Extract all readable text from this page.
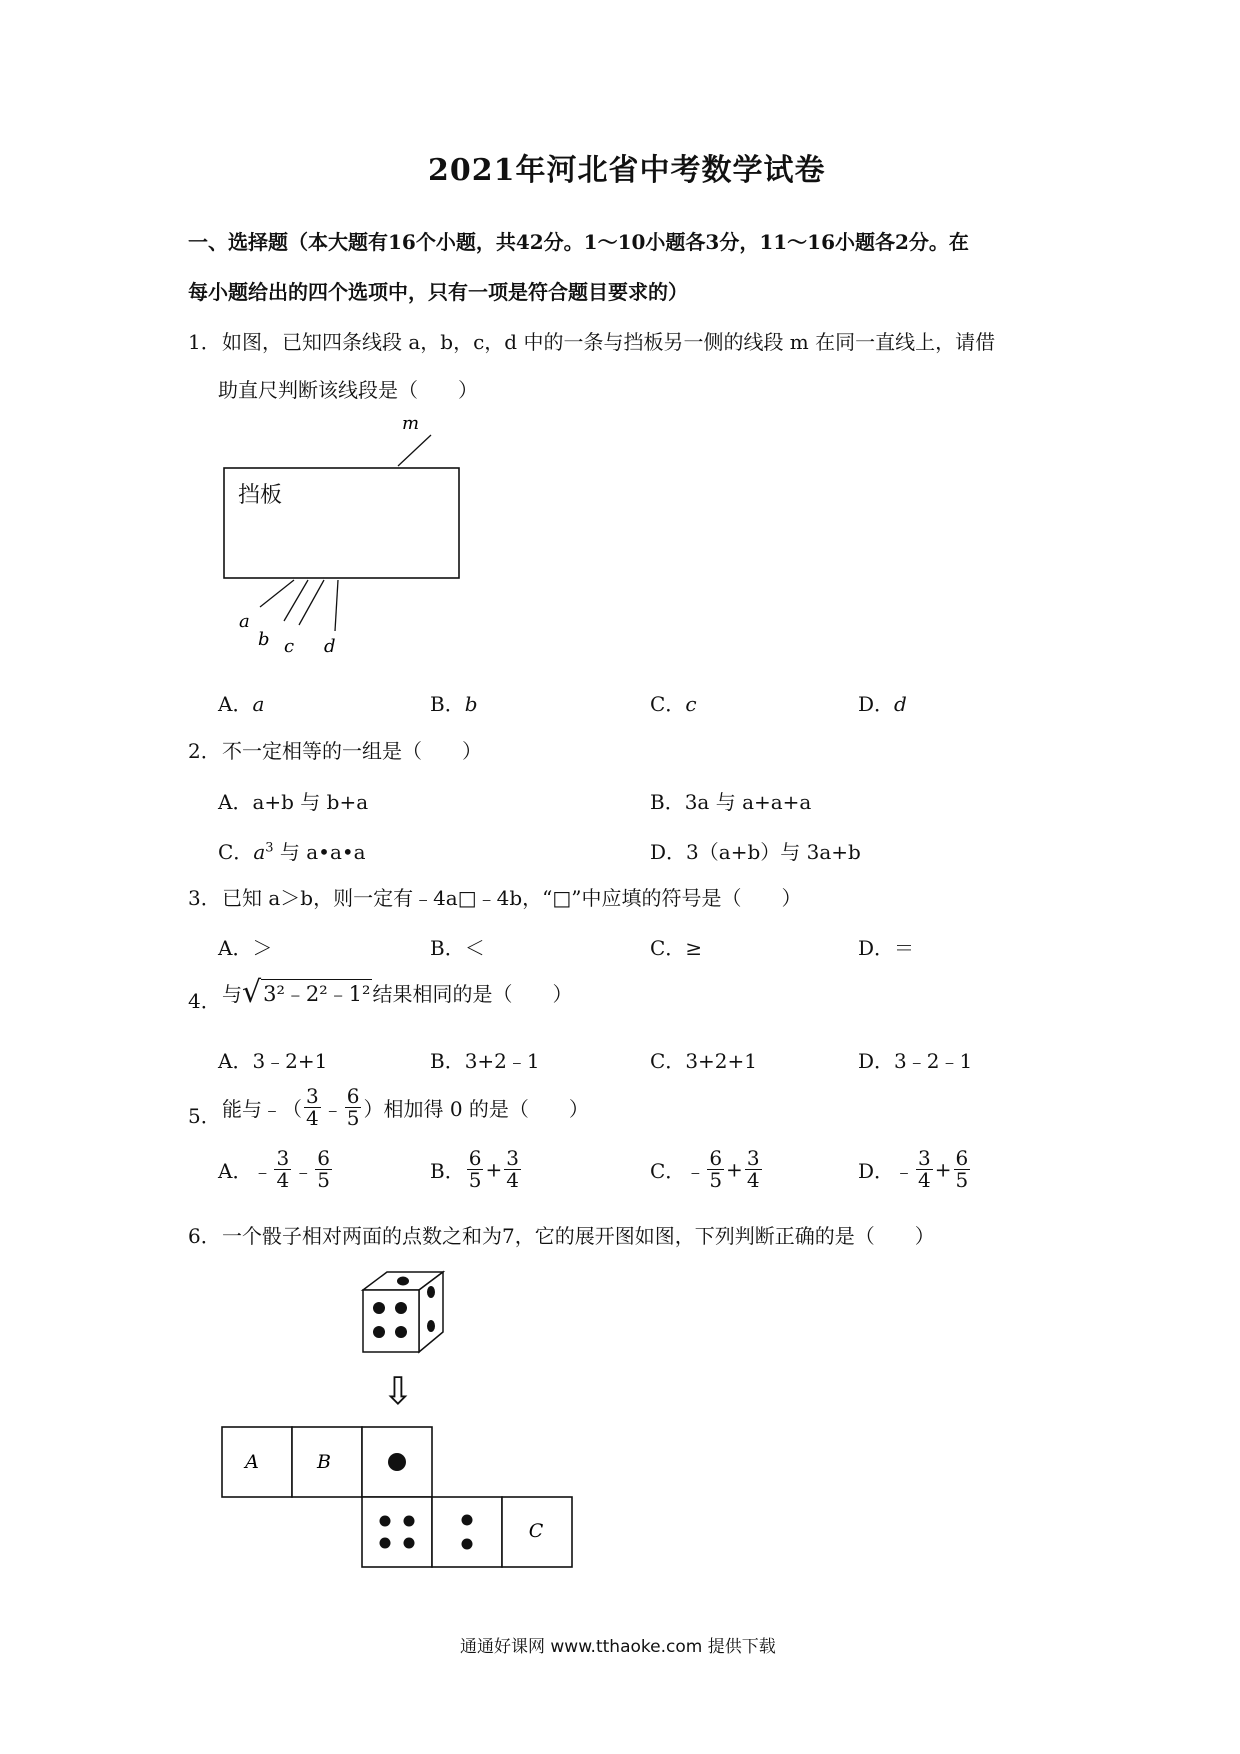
2021年河北省中考数学试卷
一、选择题（本大题有16个小题，共42分。1～10小题各3分，11～16小题各2分。在
每小题给出的四个选项中，只有一项是符合题目要求的）
1． 如图，已知四条线段 a，b，c，d 中的一条与挡板另一侧的线段 m 在同一直线上，请借
助直尺判断该线段是（　　）
挡板
m
a
b c d
A．a	B．b	C．c	D．d
2． 不一定相等的一组是（　　）
A．a+b 与 b+a	B．3a 与 a+a+a
C．$a^3$ 与 a•a•a	D．3（a+b）与 3a+b
3． 已知 a＞b，则一定有﹣4a□﹣4b，“□”中应填的符号是（　　）
A．＞	B．＜	C．≥	D．＝
4． 与√3²﹣2²﹣1² 结果相同的是（　　）
A．3﹣2+1	B．3+2﹣1	C．3+2+1	D．3﹣2﹣1
5． 能与﹣（ $\frac{3}{4}$ ﹣ $\frac{6}{5}$ ）相加得 0 的是（　　）
A．﹣ $\frac{3}{4}$ ﹣ $\frac{6}{5}$	B． $\frac{6}{5} + \frac{3}{4}$	C．﹣ $\frac{6}{5} + \frac{3}{4}$	D．﹣ $\frac{3}{4} + \frac{6}{5}$
6． 一个骰子相对两面的点数之和为7，它的展开图如图，下列判断正确的是（　　）
⇩
A	B
C
通通好课网 www.tthaoke.com 提供下载
